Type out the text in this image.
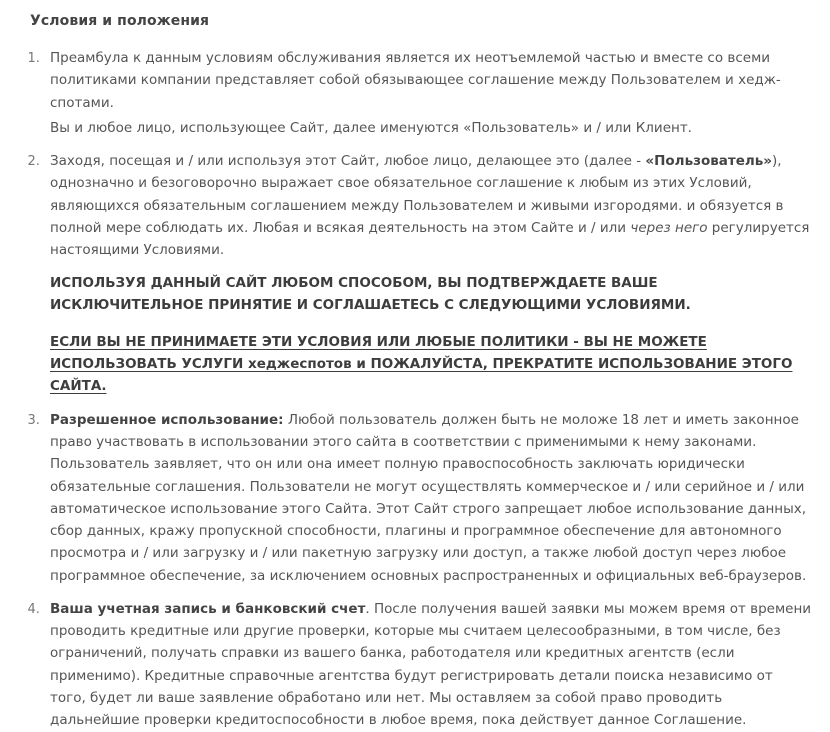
Условия и положения

1. Преамбула к данным условиям обслуживания является их неотъемлемой частью и вместе со всеми политиками компании представляет собой обязывающее соглашение между Пользователем и хедж-спотами.

Вы и любое лицо, использующее Сайт, далее именуются «Пользователь» и / или Клиент.

2. Заходя, посещая и / или используя этот Сайт, любое лицо, делающее это (далее - «Пользователь»), однозначно и безоговорочно выражает свое обязательное соглашение к любым из этих Условий, являющихся обязательным соглашением между Пользователем и живыми изгородями. и обязуется в полной мере соблюдать их. Любая и всякая деятельность на этом Сайте и / или через него регулируется настоящими Условиями.

ИСПОЛЬЗУЯ ДАННЫЙ САЙТ ЛЮБОМ СПОСОБОМ, ВЫ ПОДТВЕРЖДАЕТЕ ВАШЕ ИСКЛЮЧИТЕЛЬНОЕ ПРИНЯТИЕ И СОГЛАШАЕТЕСЬ С СЛЕДУЮЩИМИ УСЛОВИЯМИ.

ЕСЛИ ВЫ НЕ ПРИНИМАЕТЕ ЭТИ УСЛОВИЯ ИЛИ ЛЮБЫЕ ПОЛИТИКИ - ВЫ НЕ МОЖЕТЕ ИСПОЛЬЗОВАТЬ УСЛУГИ хеджеспотов и ПОЖАЛУЙСТА, ПРЕКРАТИТЕ ИСПОЛЬЗОВАНИЕ ЭТОГО САЙТА.

3. Разрешенное использование: Любой пользователь должен быть не моложе 18 лет и иметь законное право участвовать в использовании этого сайта в соответствии с применимыми к нему законами. Пользователь заявляет, что он или она имеет полную правоспособность заключать юридически обязательные соглашения. Пользователи не могут осуществлять коммерческое и / или серийное и / или автоматическое использование этого Сайта. Этот Сайт строго запрещает любое использование данных, сбор данных, кражу пропускной способности, плагины и программное обеспечение для автономного просмотра и / или загрузку и / или пакетную загрузку или доступ, а также любой доступ через любое программное обеспечение, за исключением основных распространенных и официальных веб-браузеров.

4. Ваша учетная запись и банковский счет. После получения вашей заявки мы можем время от времени проводить кредитные или другие проверки, которые мы считаем целесообразными, в том числе, без ограничений, получать справки из вашего банка, работодателя или кредитных агентств (если применимо). Кредитные справочные агентства будут регистрировать детали поиска независимо от того, будет ли ваше заявление обработано или нет. Мы оставляем за собой право проводить дальнейшие проверки кредитоспособности в любое время, пока действует данное Соглашение.
